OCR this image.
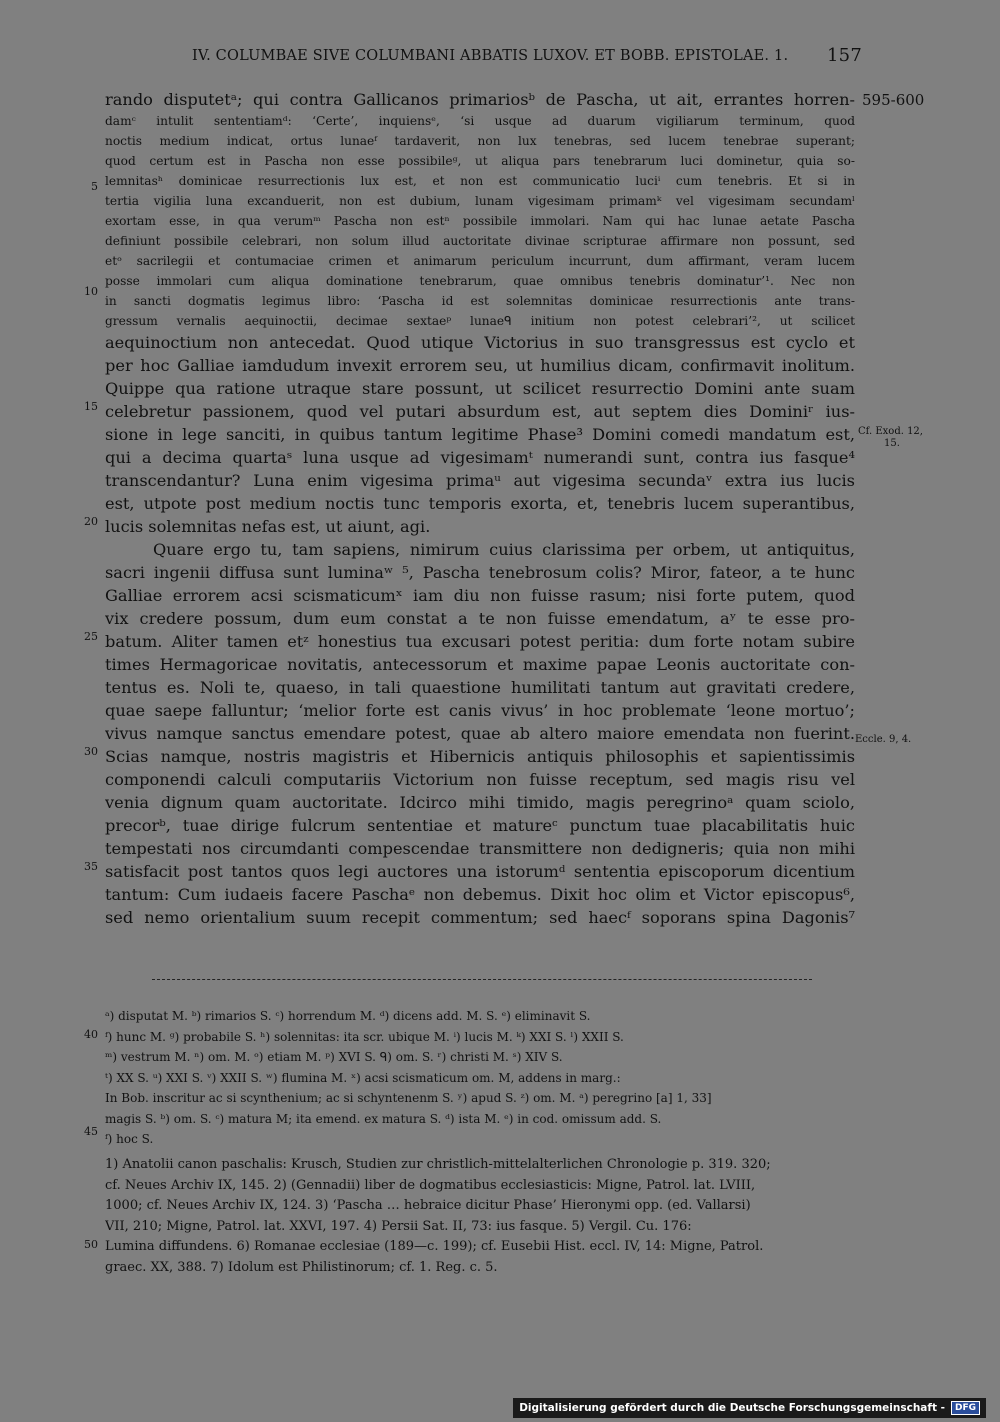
IV. COLUMBAE SIVE COLUMBANI ABBATIS LUXOV. ET BOBB. EPISTOLAE. 1. 157
595-600
5
10
15
20
25
30
35
40
45
50
Cf. Exod. 12,
15.
Eccle. 9, 4.
rando disputetᵃ; qui contra Gallicanos primariosᵇ de Pascha, ut ait, errantes horren-
damᶜ intulit sententiamᵈ: ‘Certe’, inquiensᵉ, ‘si usque ad duarum vigiliarum terminum, quod
noctis medium indicat, ortus lunaeᶠ tardaverit, non lux tenebras, sed lucem tenebrae superant;
quod certum est in Pascha non esse possibileᵍ, ut aliqua pars tenebrarum luci dominetur, quia so-
lemnitasʰ dominicae resurrectionis lux est, et non est communicatio luciⁱ cum tenebris. Et si in
tertia vigilia luna excanduerit, non est dubium, lunam vigesimam primamᵏ vel vigesimam secundamˡ
exortam esse, in qua verumᵐ Pascha non estⁿ possibile immolari. Nam qui hac lunae aetate Pascha
definiunt possibile celebrari, non solum illud auctoritate divinae scripturae affirmare non possunt, sed
etᵒ sacrilegii et contumaciae crimen et animarum periculum incurrunt, dum affirmant, veram lucem
posse immolari cum aliqua dominatione tenebrarum, quae omnibus tenebris dominatur’¹. Nec non
in sancti dogmatis legimus libro: ‘Pascha id est solemnitas dominicae resurrectionis ante trans-
gressum vernalis aequinoctii, decimae sextaeᵖ lunaeᑫ initium non potest celebrari’², ut scilicet
aequinoctium non antecedat. Quod utique Victorius in suo transgressus est cyclo et
per hoc Galliae iamdudum invexit errorem seu, ut humilius dicam, confirmavit inolitum.
Quippe qua ratione utraque stare possunt, ut scilicet resurrectio Domini ante suam
celebretur passionem, quod vel putari absurdum est, aut septem dies Dominiʳ ius-
sione in lege sanciti, in quibus tantum legitime Phase³ Domini comedi mandatum est,
qui a decima quartaˢ luna usque ad vigesimamᵗ numerandi sunt, contra ius fasque⁴
transcendantur? Luna enim vigesima primaᵘ aut vigesima secundaᵛ extra ius lucis
est, utpote post medium noctis tunc temporis exorta, et, tenebris lucem superantibus,
lucis solemnitas nefas est, ut aiunt, agi.
Quare ergo tu, tam sapiens, nimirum cuius clarissima per orbem, ut antiquitus,
sacri ingenii diffusa sunt luminaʷ ⁵, Pascha tenebrosum colis? Miror, fateor, a te hunc
Galliae errorem acsi scismaticumˣ iam diu non fuisse rasum; nisi forte putem, quod
vix credere possum, dum eum constat a te non fuisse emendatum, aʸ te esse pro-
batum. Aliter tamen etᶻ honestius tua excusari potest peritia: dum forte notam subire
times Hermagoricae novitatis, antecessorum et maxime papae Leonis auctoritate con-
tentus es. Noli te, quaeso, in tali quaestione humilitati tantum aut gravitati credere,
quae saepe falluntur; ‘melior forte est canis vivus’ in hoc problemate ‘leone mortuo’;
vivus namque sanctus emendare potest, quae ab altero maiore emendata non fuerint.
Scias namque, nostris magistris et Hibernicis antiquis philosophis et sapientissimis
componendi calculi computariis Victorium non fuisse receptum, sed magis risu vel
venia dignum quam auctoritate. Idcirco mihi timido, magis peregrinoᵃ quam sciolo,
precorᵇ, tuae dirige fulcrum sententiae et matureᶜ punctum tuae placabilitatis huic
tempestati nos circumdanti compescendae transmittere non dedigneris; quia non mihi
satisfacit post tantos quos legi auctores una istorumᵈ sententia episcoporum dicentium
tantum: Cum iudaeis facere Paschaᵉ non debemus. Dixit hoc olim et Victor episcopus⁶,
sed nemo orientalium suum recepit commentum; sed haecᶠ soporans spina Dagonis⁷
ᵃ) disputat M. ᵇ) rimarios S. ᶜ) horrendum M. ᵈ) dicens add. M. S. ᵉ) eliminavit S.
ᶠ) hunc M. ᵍ) probabile S. ʰ) solennitas: ita scr. ubique M. ⁱ) lucis M. ᵏ) XXI S. ˡ) XXII S.
ᵐ) vestrum M. ⁿ) om. M. ᵒ) etiam M. ᵖ) XVI S. ᑫ) om. S. ʳ) christi M. ˢ) XIV S.
ᵗ) XX S. ᵘ) XXI S. ᵛ) XXII S. ʷ) flumina M. ˣ) acsi scismaticum om. M, addens in marg.:
In Bob. inscritur ac si scynthenium; ac si schyntenenm S. ʸ) apud S. ᶻ) om. M. ᵃ) peregrino [a] 1, 33]
magis S. ᵇ) om. S. ᶜ) matura M; ita emend. ex matura S. ᵈ) ista M. ᵉ) in cod. omissum add. S.
ᶠ) hoc S.
1) Anatolii canon paschalis: Krusch, Studien zur christlich-mittelalterlichen Chronologie p. 319. 320;
cf. Neues Archiv IX, 145. 2) (Gennadii) liber de dogmatibus ecclesiasticis: Migne, Patrol. lat. LVIII,
1000; cf. Neues Archiv IX, 124. 3) ‘Pascha … hebraice dicitur Phase’ Hieronymi opp. (ed. Vallarsi)
VII, 210; Migne, Patrol. lat. XXVI, 197. 4) Persii Sat. II, 73: ius fasque. 5) Vergil. Cu. 176:
Lumina diffundens. 6) Romanae ecclesiae (189—c. 199); cf. Eusebii Hist. eccl. IV, 14: Migne, Patrol.
graec. XX, 388. 7) Idolum est Philistinorum; cf. 1. Reg. c. 5.
Digitalisierung gefördert durch die Deutsche Forschungsgemeinschaft -	DFG
